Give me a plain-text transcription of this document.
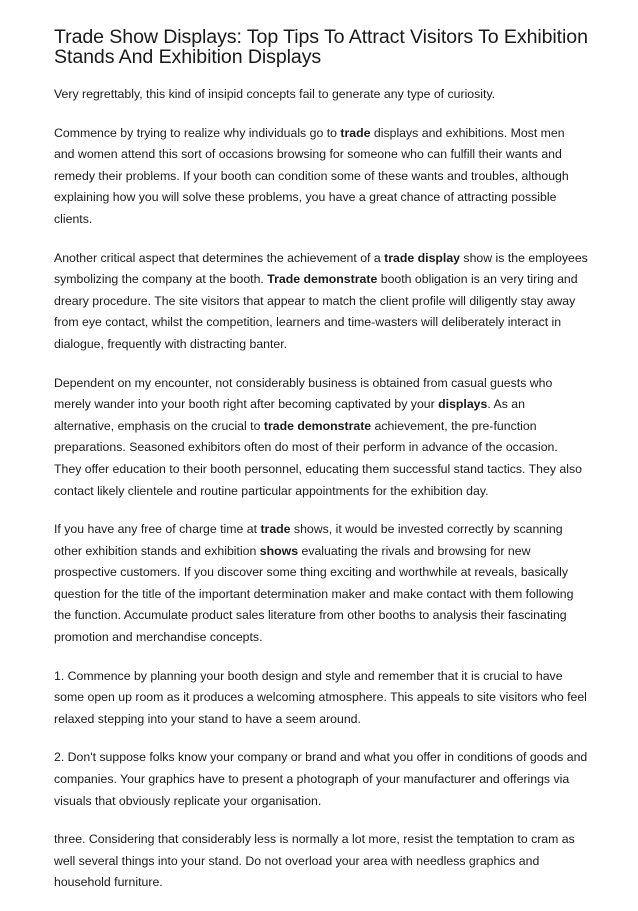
Trade Show Displays: Top Tips To Attract Visitors To Exhibition Stands And Exhibition Displays

Very regrettably, this kind of insipid concepts fail to generate any type of curiosity.

Commence by trying to realize why individuals go to trade displays and exhibitions. Most men and women attend this sort of occasions browsing for someone who can fulfill their wants and remedy their problems. If your booth can condition some of these wants and troubles, although explaining how you will solve these problems, you have a great chance of attracting possible clients.

Another critical aspect that determines the achievement of a trade display show is the employees symbolizing the company at the booth. Trade demonstrate booth obligation is an very tiring and dreary procedure. The site visitors that appear to match the client profile will diligently stay away from eye contact, whilst the competition, learners and time-wasters will deliberately interact in dialogue, frequently with distracting banter.

Dependent on my encounter, not considerably business is obtained from casual guests who merely wander into your booth right after becoming captivated by your displays. As an alternative, emphasis on the crucial to trade demonstrate achievement, the pre-function preparations. Seasoned exhibitors often do most of their perform in advance of the occasion. They offer education to their booth personnel, educating them successful stand tactics. They also contact likely clientele and routine particular appointments for the exhibition day.

If you have any free of charge time at trade shows, it would be invested correctly by scanning other exhibition stands and exhibition shows evaluating the rivals and browsing for new prospective customers. If you discover some thing exciting and worthwhile at reveals, basically question for the title of the important determination maker and make contact with them following the function. Accumulate product sales literature from other booths to analysis their fascinating promotion and merchandise concepts.

1. Commence by planning your booth design and style and remember that it is crucial to have some open up room as it produces a welcoming atmosphere. This appeals to site visitors who feel relaxed stepping into your stand to have a seem around.

2. Don't suppose folks know your company or brand and what you offer in conditions of goods and companies. Your graphics have to present a photograph of your manufacturer and offerings via visuals that obviously replicate your organisation.

three. Considering that considerably less is normally a lot more, resist the temptation to cram as well several things into your stand. Do not overload your area with needless graphics and household furniture.
